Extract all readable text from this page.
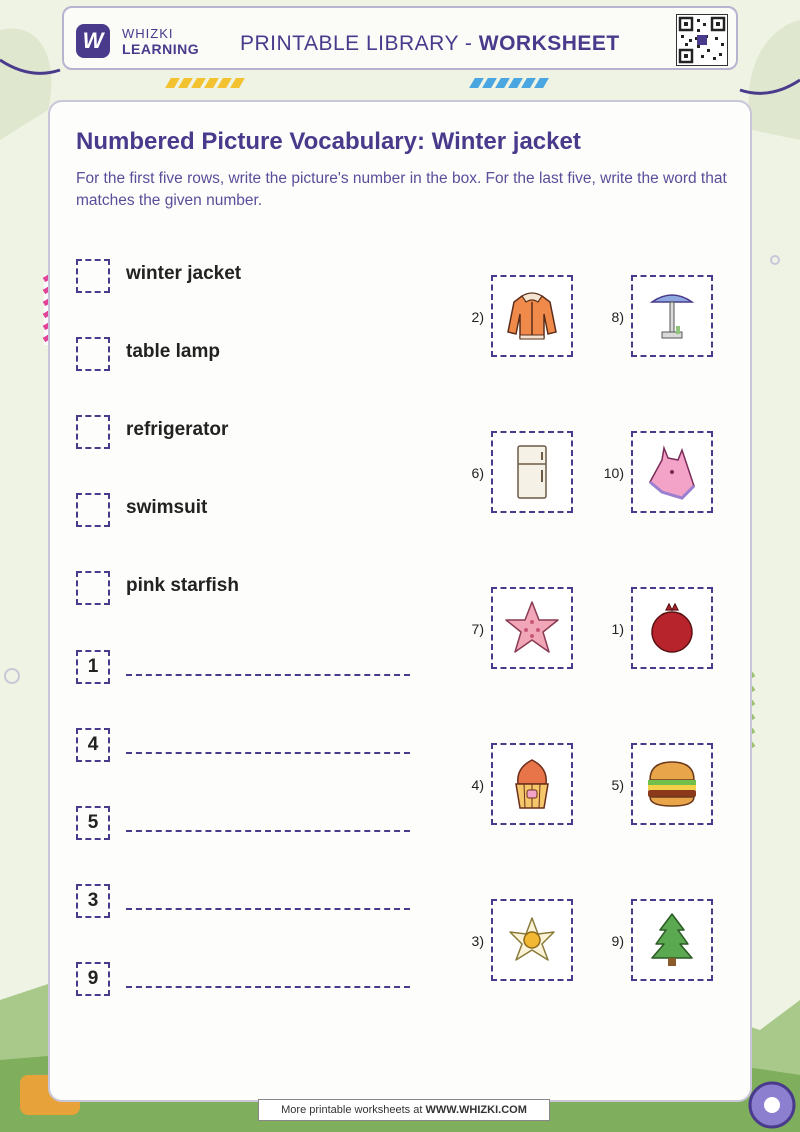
W	WHIZKI
LEARNING PRINTABLE LIBRARY - WORKSHEET
Numbered Picture Vocabulary: Winter jacket
For the first five rows, write the picture's number in the box. For the last five, write the word that matches the given number.
winter jacket
table lamp
refrigerator
swimsuit
pink starfish
1
4
5
3
9
2)	8)
6)	10)
7)	1)
4)	5)
3)	9)
More printable worksheets at WWW.WHIZKI.COM
